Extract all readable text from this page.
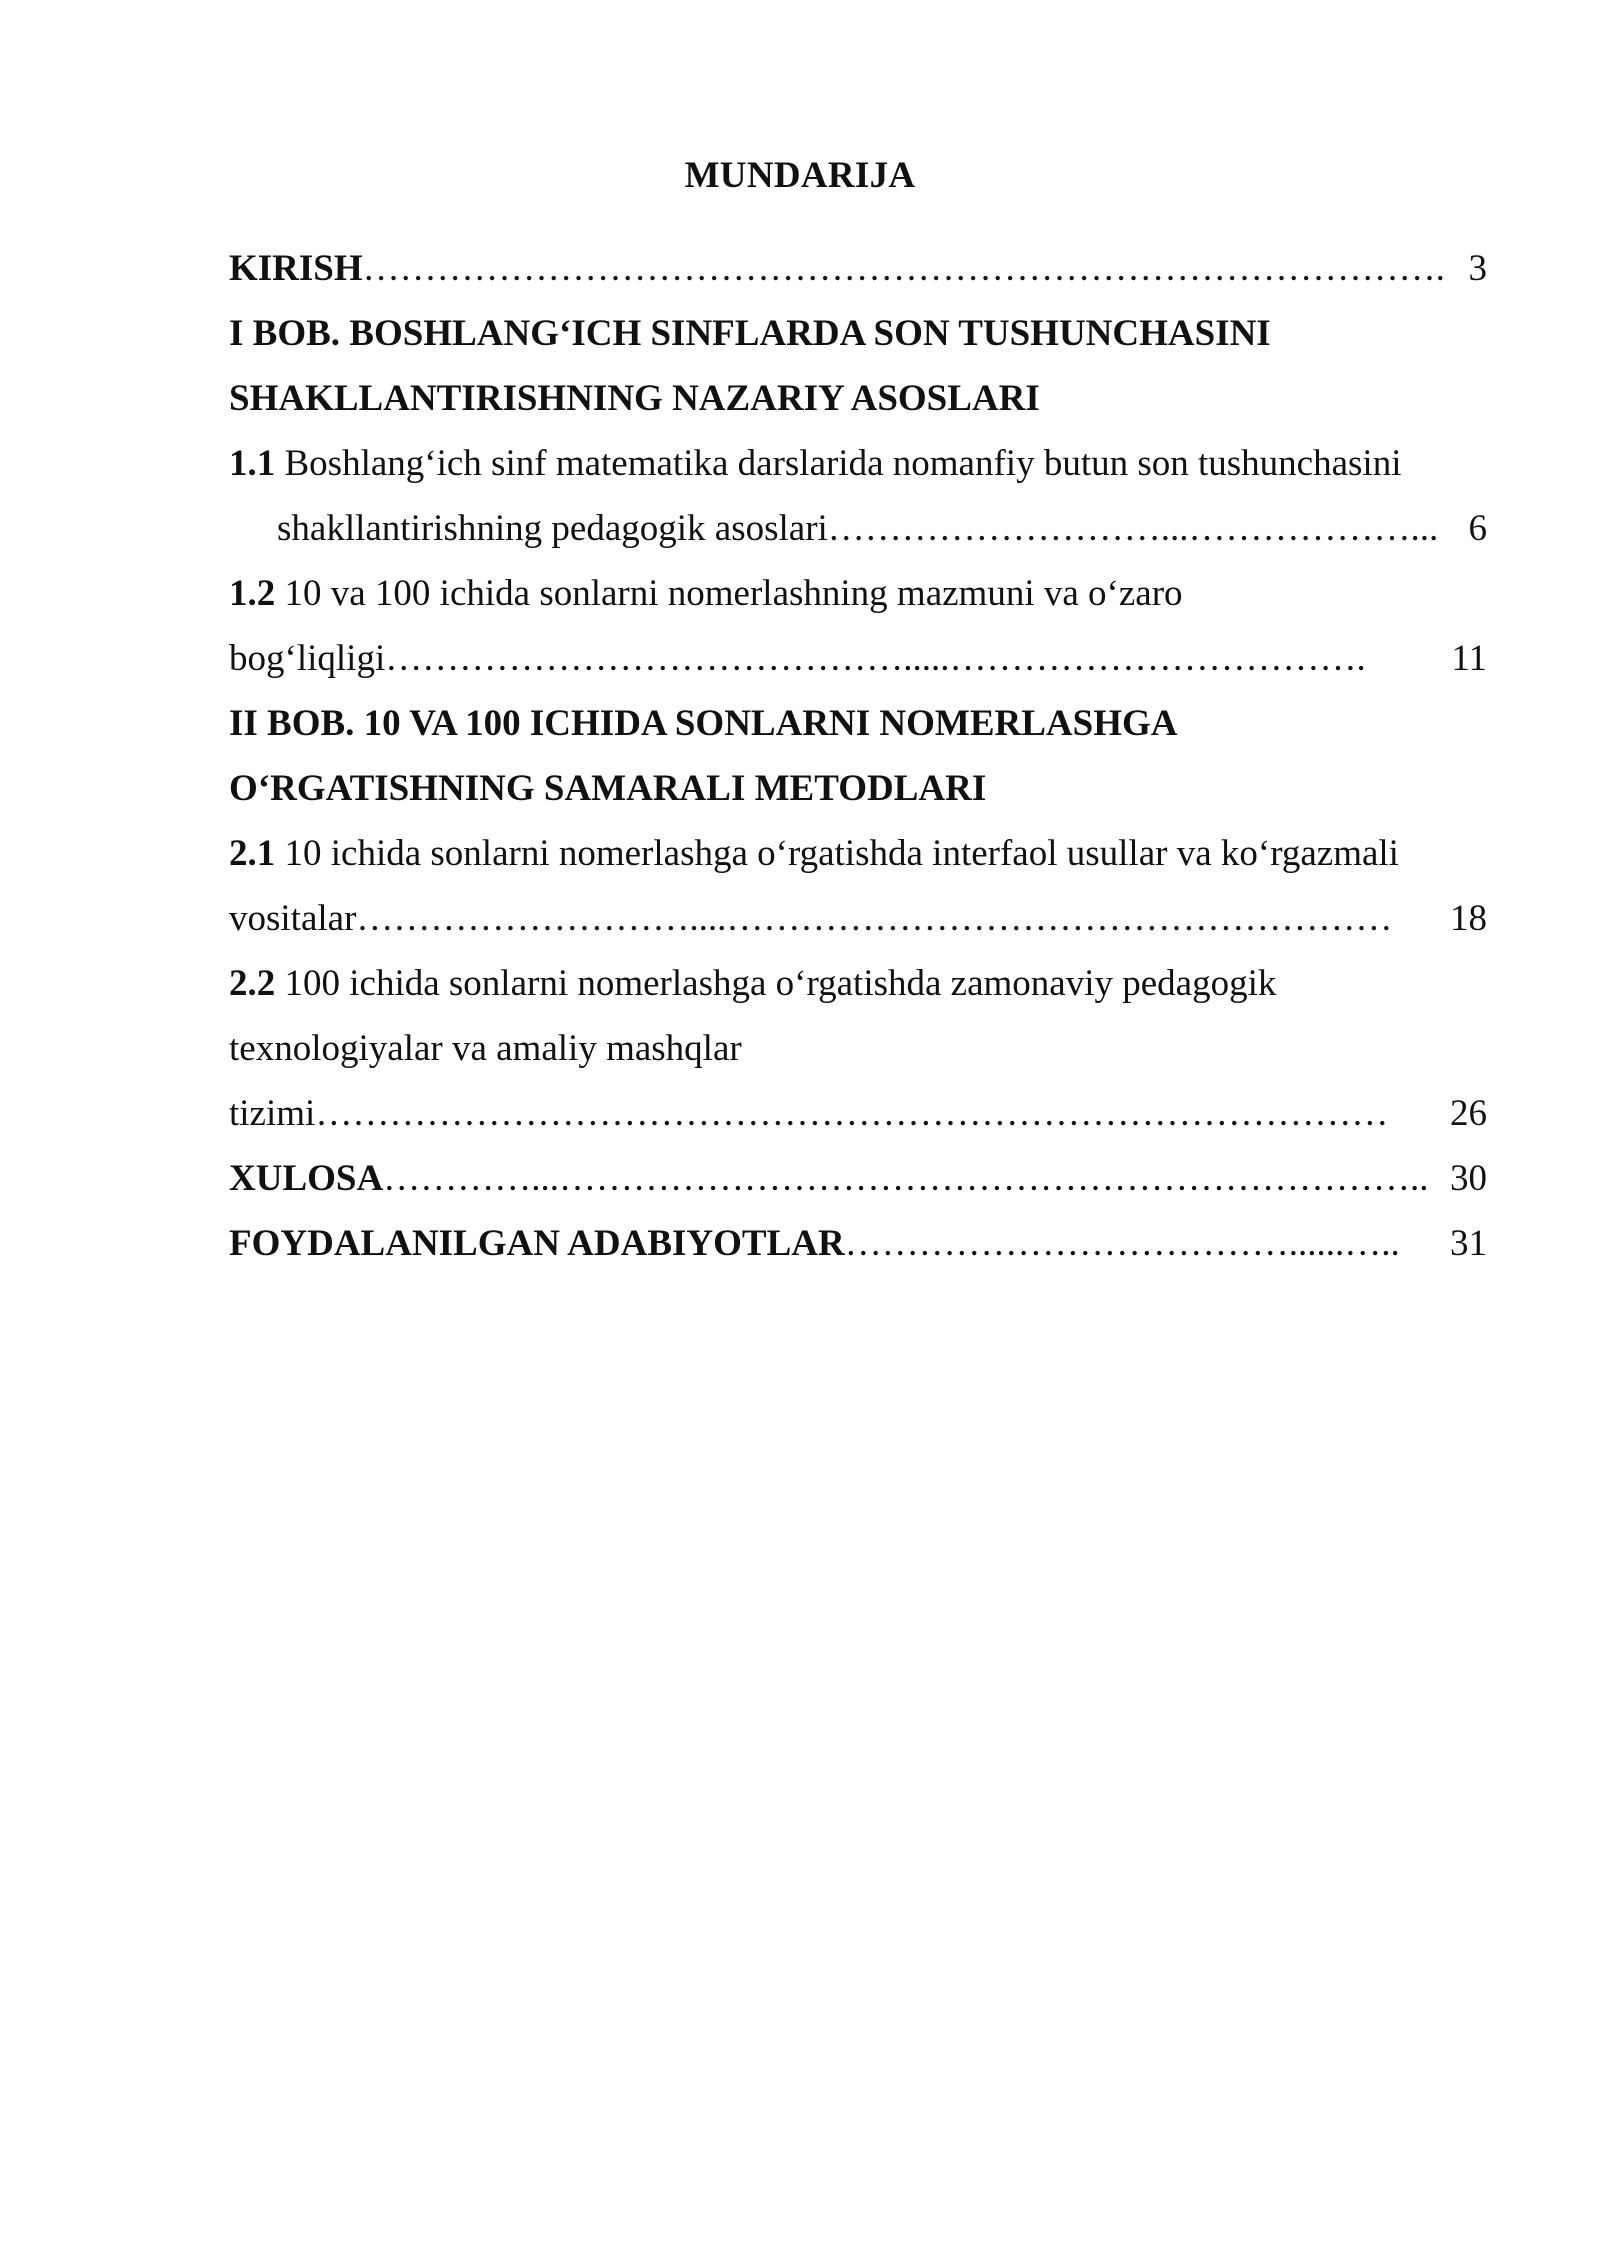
MUNDARIJA
KIRISH……………………………………………………………………………. 3
I BOB. BOSHLANG‘ICH SINFLARDA SON TUSHUNCHASINI
SHAKLLANTIRISHNING NAZARIY ASOSLARI
1.1 Boshlang‘ich sinf matematika darslarida nomanfiy butun son tushunchasini
shakllantirishning pedagogik asoslari………………………...………………... 6
1.2 10 va 100 ichida sonlarni nomerlashning mazmuni va o‘zaro
bog‘liqligi…………………………………….....……………………………. 11
II BOB. 10 VA 100 ICHIDA SONLARNI NOMERLASHGA
O‘RGATISHNING SAMARALI METODLARI
2.1 10 ichida sonlarni nomerlashga o‘rgatishda interfaol usullar va ko‘rgazmali
vositalar………………………....……………………………………………… 18
2.2 100 ichida sonlarni nomerlashga o‘rgatishda zamonaviy pedagogik
texnologiyalar va amaliy mashqlar
tizimi…………………………………………………………………………… 26
XULOSA…………...…………………………………………………………….. 30
FOYDALANILGAN ADABIYOTLAR………………………………......….. 31
